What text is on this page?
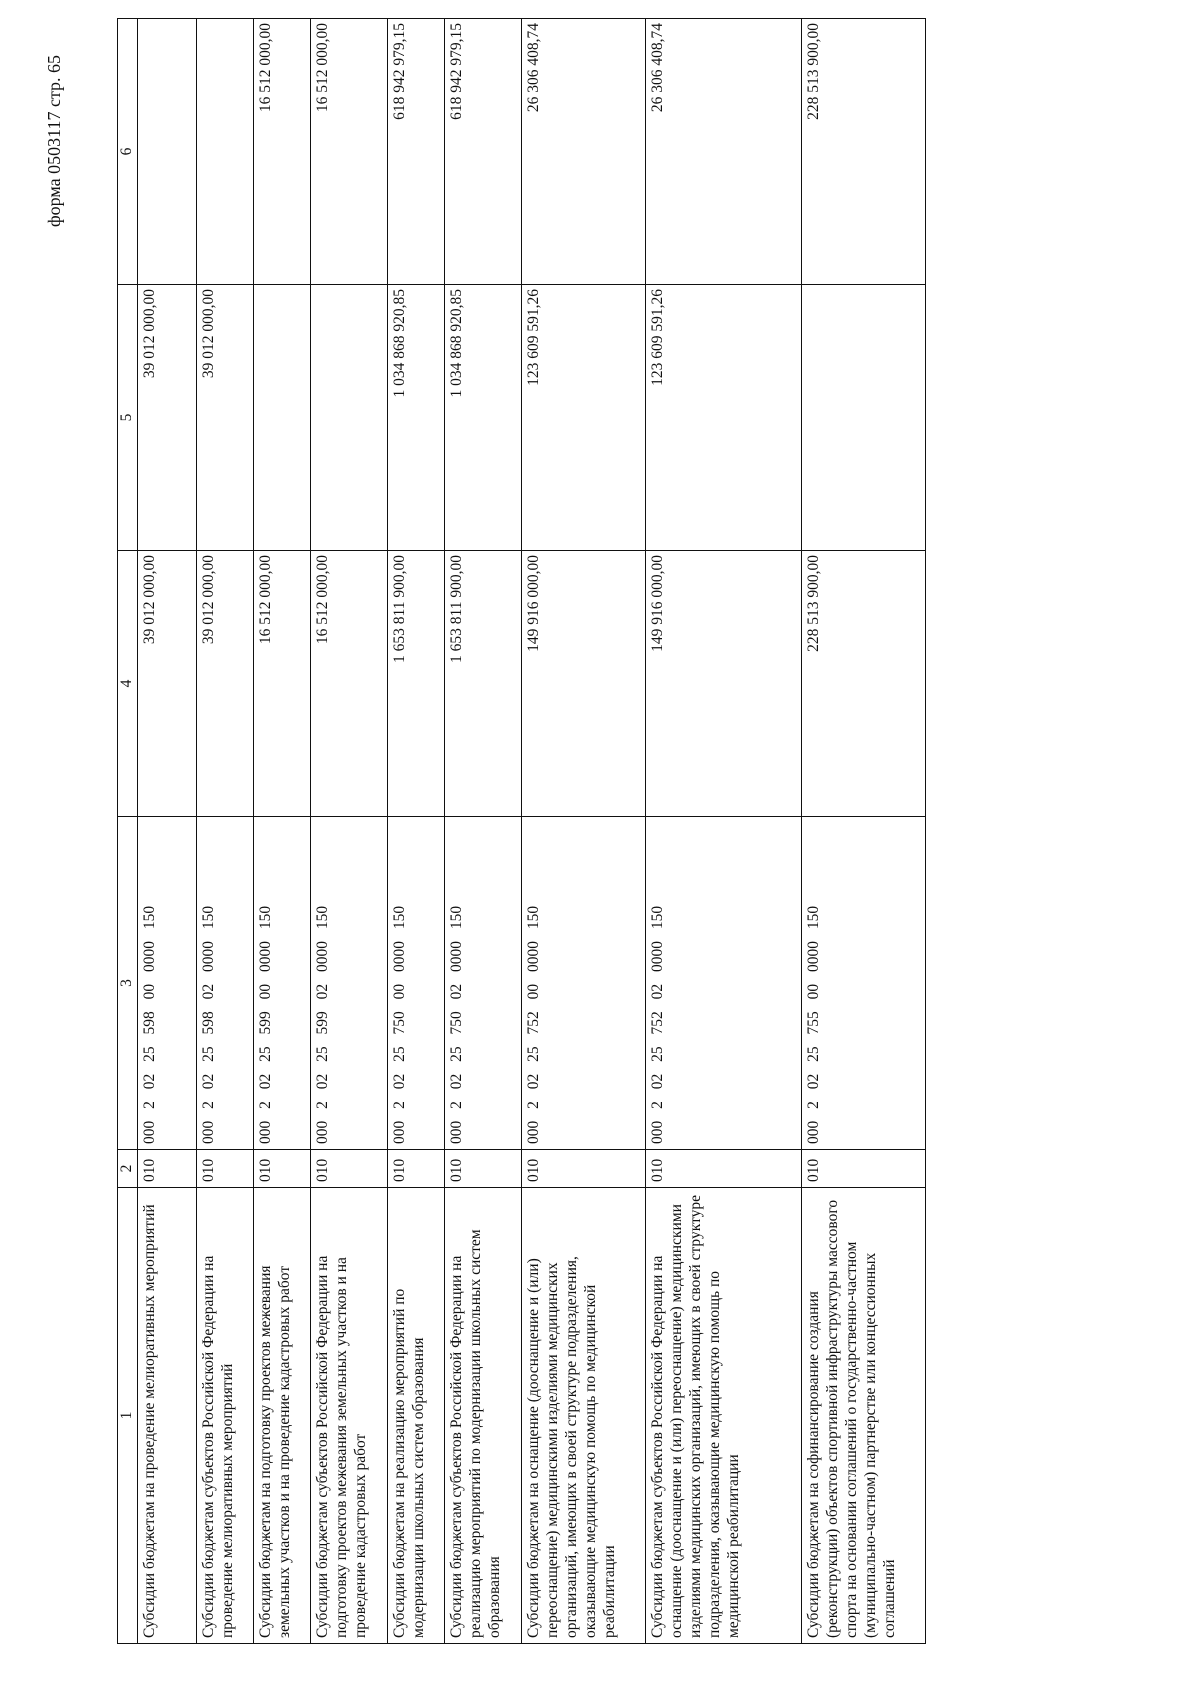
форма 0503117 стр. 65
1	2	3	4	5	6
Субсидии бюджетам на проведение мелиоративных мероприятий	010	000 2 02 25 598 00 0000 150	39 012 000,00	39 012 000,00	
Субсидии бюджетам субъектов Российской Федерации на проведение мелиоративных мероприятий	010	000 2 02 25 598 02 0000 150	39 012 000,00	39 012 000,00	
Субсидии бюджетам на подготовку проектов межевания земельных участков и на проведение кадастровых работ	010	000 2 02 25 599 00 0000 150	16 512 000,00		16 512 000,00
Субсидии бюджетам субъектов Российской Федерации на подготовку проектов межевания земельных участков и на проведение кадастровых работ	010	000 2 02 25 599 02 0000 150	16 512 000,00		16 512 000,00
Субсидии бюджетам на реализацию мероприятий по модернизации школьных систем образования	010	000 2 02 25 750 00 0000 150	1 653 811 900,00	1 034 868 920,85	618 942 979,15
Субсидии бюджетам субъектов Российской Федерации на реализацию мероприятий по модернизации школьных систем образования	010	000 2 02 25 750 02 0000 150	1 653 811 900,00	1 034 868 920,85	618 942 979,15
Субсидии бюджетам на оснащение (дооснащение и (или) переоснащение) медицинскими изделиями медицинских организаций, имеющих в своей структуре подразделения, оказывающие медицинскую помощь по медицинской реабилитации	010	000 2 02 25 752 00 0000 150	149 916 000,00	123 609 591,26	26 306 408,74
Субсидии бюджетам субъектов Российской Федерации на оснащение (дооснащение и (или) переоснащение) медицинскими изделиями медицинских организаций, имеющих в своей структуре подразделения, оказывающие медицинскую помощь по медицинской реабилитации	010	000 2 02 25 752 02 0000 150	149 916 000,00	123 609 591,26	26 306 408,74
Субсидии бюджетам на софинансирование создания (реконструкции) объектов спортивной инфраструктуры массового спорта на основании соглашений о государственно-частном (муниципально-частном) партнерстве или концессионных соглашений	010	000 2 02 25 755 00 0000 150	228 513 900,00		228 513 900,00
